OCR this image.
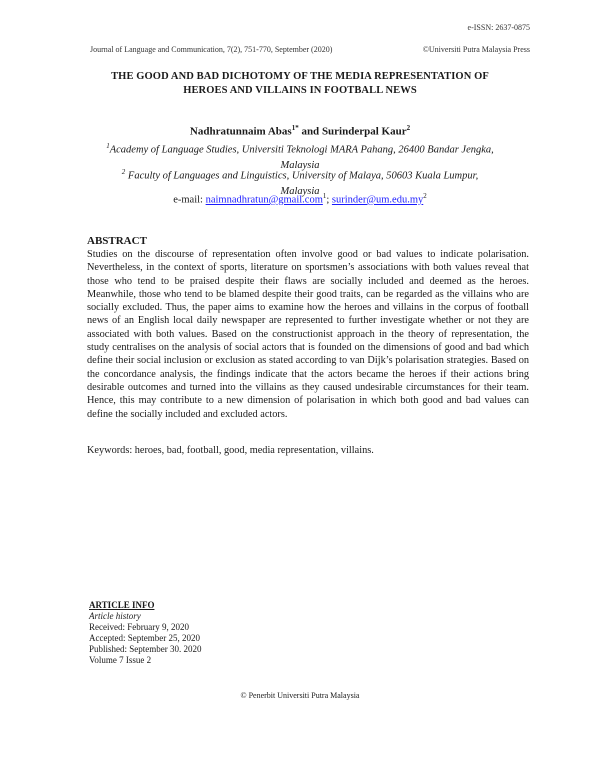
e-ISSN: 2637-0875
Journal of Language and Communication, 7(2), 751-770, September (2020)	©Universiti Putra Malaysia Press
THE GOOD AND BAD DICHOTOMY OF THE MEDIA REPRESENTATION OF
HEROES AND VILLAINS IN FOOTBALL NEWS
Nadhratunnaim Abas$^{1*}$ and Surinderpal Kaur$^2$
$^1$Academy of Language Studies, Universiti Teknologi MARA Pahang, 26400 Bandar Jengka,
Malaysia
$^2$ Faculty of Languages and Linguistics, University of Malaya, 50603 Kuala Lumpur,
Malaysia
e-mail: naimnadhratun@gmail.com$^1$; $surinder@um.edu.my^2$
ABSTRACT
Studies on the discourse of representation often involve good or bad values to indicate polarisation. Nevertheless, in the context of sports, literature on sportsmen’s associations with both values reveal that those who tend to be praised despite their flaws are socially included and deemed as the heroes. Meanwhile, those who tend to be blamed despite their good traits, can be regarded as the villains who are socially excluded. Thus, the paper aims to examine how the heroes and villains in the corpus of football news of an English local daily newspaper are represented to further investigate whether or not they are associated with both values. Based on the constructionist approach in the theory of representation, the study centralises on the analysis of social actors that is founded on the dimensions of good and bad which define their social inclusion or exclusion as stated according to van Dijk’s polarisation strategies. Based on the concordance analysis, the findings indicate that the actors became the heroes if their actions bring desirable outcomes and turned into the villains as they caused undesirable circumstances for their team. Hence, this may contribute to a new dimension of polarisation in which both good and bad values can define the socially included and excluded actors.
Keywords: heroes, bad, football, good, media representation, villains.
ARTICLE INFO
Article history
Received: February 9, 2020
Accepted: September 25, 2020
Published: September 30. 2020
Volume 7 Issue 2
© Penerbit Universiti Putra Malaysia
